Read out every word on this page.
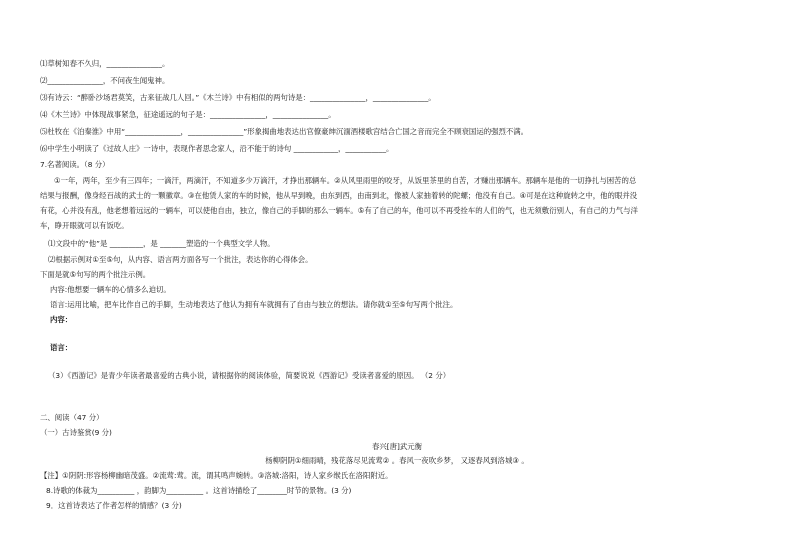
⑴草树知春不久归，_______________。
⑵_______________，不问夜生闻鬼神。
⑶有诗云：“醉卧沙场君莫笑，古来征战几人回。”《木兰诗》中有相似的两句诗是：_______________，_______________。
⑷《木兰诗》中体现战事紧急，征途遥远的句子是：_______________，_______________。
⑸杜牧在《泊秦淮》中用“_______________，_______________”形象揭曲地表达出官僚豪绅沉湎酒楼歌宫结合亡国之音而完全不顾衰国运的强烈不满。
⑹中学生小明读了《过故人庄》一诗中，表现作者思念家人，沿不能于的诗句 ____________，___________。
7.名著阅读。（8 分）
①一年，两年，至少有三四年；一滴汗，两滴汗，不知道多少万滴汗，才挣出那辆车。②从风里雨里的咬牙，从饭里茶里的自苦，才赚出那辆车。那辆车是他的一切挣扎与困苦的总
结果与报酬，像身经百战的武士的一颗徽章。③在他赁人家的车的时候，他从早到晚，由东到西，由南到北，像被人家抽着转的陀螺；他没有自己。④可是在这种旋转之中，他的眼并没
有花，心并没有乱，他老想着远远的一辆车，可以使他自由，独立，像自己的手脚的那么一辆车。⑤有了自己的车，他可以不再受拴车的人们的气，也无须敷衍别人，有自己的力气与洋
车，睁开眼就可以有饭吃。
⑴文段中的“他”是 _________，是 _______塑造的一个典型文学人物。
⑵根据示例对①至⑤句，从内容、语言两方面各写一个批注，表达你的心得体会。
下面是就⑤句写的两个批注示例。
内容:他想要一辆车的心情多么迫切。
语言:运用比喻，把车比作自己的手脚，生动地表达了他认为拥有车就拥有了自由与独立的想法。请你就①至⑤句写两个批注。
内容：
语言：
（3）《西游记》是青少年读者最喜爱的古典小说，请根据你的阅读体验，简要说说《西游记》受读者喜爱的原因。 （2 分）
二、阅读（47 分）
（一）古诗鉴赏(9 分)
春兴[唐]武元衡
杨柳阴阴①细雨晴，残花落尽见流莺② 。春风一夜吹乡梦， 又逐春风到洛城③ 。
【注】①阴阴:形容杨柳幽暗茂盛。②流莺:莺。流，谓其鸣声婉转。③洛城:洛阳，诗人家乡缑氏在洛阳附近。
8.诗歌的体裁为__________ ，韵脚为__________ 。这首诗描绘了________时节的景物。(3 分)
9．这首诗表达了作者怎样的情感？(3 分)
